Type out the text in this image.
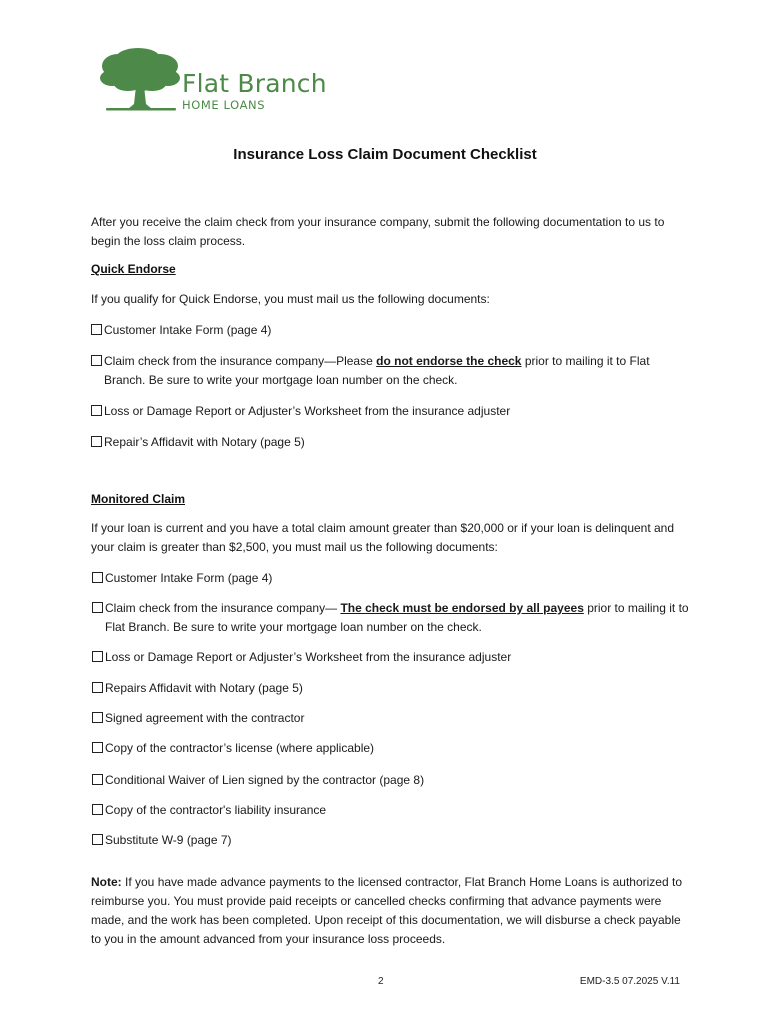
Flat Branch
HOME LOANS
Insurance Loss Claim Document Checklist
After you receive the claim check from your insurance company, submit the following documentation to us to begin the loss claim process.
Quick Endorse
If you qualify for Quick Endorse, you must mail us the following documents:
Customer Intake Form (page 4)
Claim check from the insurance company—Please do not endorse the check prior to mailing it to Flat Branch. Be sure to write your mortgage loan number on the check.
Loss or Damage Report or Adjuster’s Worksheet from the insurance adjuster
Repair’s Affidavit with Notary (page 5)
Monitored Claim
If your loan is current and you have a total claim amount greater than $20,000 or if your loan is delinquent and your claim is greater than $2,500, you must mail us the following documents:
Customer Intake Form (page 4)
Claim check from the insurance company— The check must be endorsed by all payees prior to mailing it to Flat Branch. Be sure to write your mortgage loan number on the check.
Loss or Damage Report or Adjuster’s Worksheet from the insurance adjuster
Repairs Affidavit with Notary (page 5)
Signed agreement with the contractor
Copy of the contractor’s license (where applicable)
Conditional Waiver of Lien signed by the contractor (page 8)
Copy of the contractor's liability insurance
Substitute W-9 (page 7)
Note: If you have made advance payments to the licensed contractor, Flat Branch Home Loans is authorized to reimburse you. You must provide paid receipts or cancelled checks confirming that advance payments were made, and the work has been completed. Upon receipt of this documentation, we will disburse a check payable to you in the amount advanced from your insurance loss proceeds.
2	EMD-3.5 07.2025 V.11
